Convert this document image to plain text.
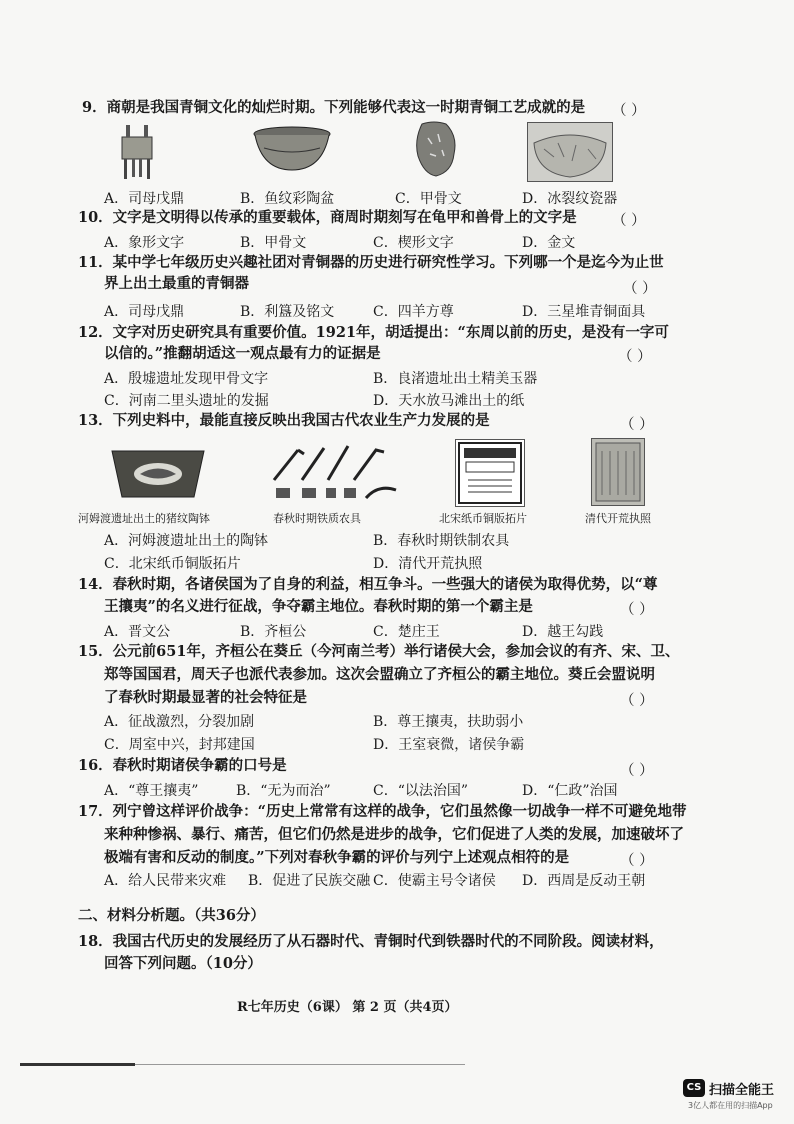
9．商朝是我国青铜文化的灿烂时期。下列能够代表这一时期青铜工艺成就的是 （ ）
A．司母戊鼎	B．鱼纹彩陶盆	C．甲骨文	D．冰裂纹瓷器
10．文字是文明得以传承的重要载体，商周时期刻写在龟甲和兽骨上的文字是 （ ）
A．象形文字	B．甲骨文	C．楔形文字	D．金文
11．某中学七年级历史兴趣社团对青铜器的历史进行研究性学习。下列哪一个是迄今为止世
界上出土最重的青铜器	（ ）
A．司母戊鼎	B．利簋及铭文	C．四羊方尊	D．三星堆青铜面具
12．文字对历史研究具有重要价值。1921年，胡适提出：“东周以前的历史，是没有一字可
以信的。”推翻胡适这一观点最有力的证据是	（ ）
A．殷墟遗址发现甲骨文字	B．良渚遗址出土精美玉器
C．河南二里头遗址的发掘	D．天水放马滩出土的纸
13．下列史料中，最能直接反映出我国古代农业生产力发展的是	（ ）
河姆渡遗址出土的猪纹陶钵	春秋时期铁质农具	北宋纸币铜版拓片	清代开荒执照
A．河姆渡遗址出土的陶钵	B．春秋时期铁制农具
C．北宋纸币铜版拓片	D．清代开荒执照
14．春秋时期，各诸侯国为了自身的利益，相互争斗。一些强大的诸侯为取得优势，以“尊
王攘夷”的名义进行征战，争夺霸主地位。春秋时期的第一个霸主是	（ ）
A．晋文公	B．齐桓公	C．楚庄王	D．越王勾践
15．公元前651年，齐桓公在葵丘（今河南兰考）举行诸侯大会，参加会议的有齐、宋、卫、
郑等国国君，周天子也派代表参加。这次会盟确立了齐桓公的霸主地位。葵丘会盟说明
了春秋时期最显著的社会特征是	（ ）
A．征战激烈，分裂加剧	B．尊王攘夷，扶助弱小
C．周室中兴，封邦建国	D．王室衰微，诸侯争霸
16．春秋时期诸侯争霸的口号是	（ ）
A．“尊王攘夷”	B．“无为而治”	C．“以法治国”	D．“仁政”治国
17．列宁曾这样评价战争：“历史上常常有这样的战争，它们虽然像一切战争一样不可避免地带
来种种惨祸、暴行、痛苦，但它们仍然是进步的战争，它们促进了人类的发展，加速破坏了
极端有害和反动的制度。”下列对春秋争霸的评价与列宁上述观点相符的是	（ ）
A．给人民带来灾难 B．促进了民族交融 C．使霸主号令诸侯 D．西周是反动王朝
二、材料分析题。（共36分）
18．我国古代历史的发展经历了从石器时代、青铜时代到铁器时代的不同阶段。阅读材料，
回答下列问题。（10分）
R七年历史（6课） 第 2 页（共4页）
CS 扫描全能王
3亿人都在用的扫描App
